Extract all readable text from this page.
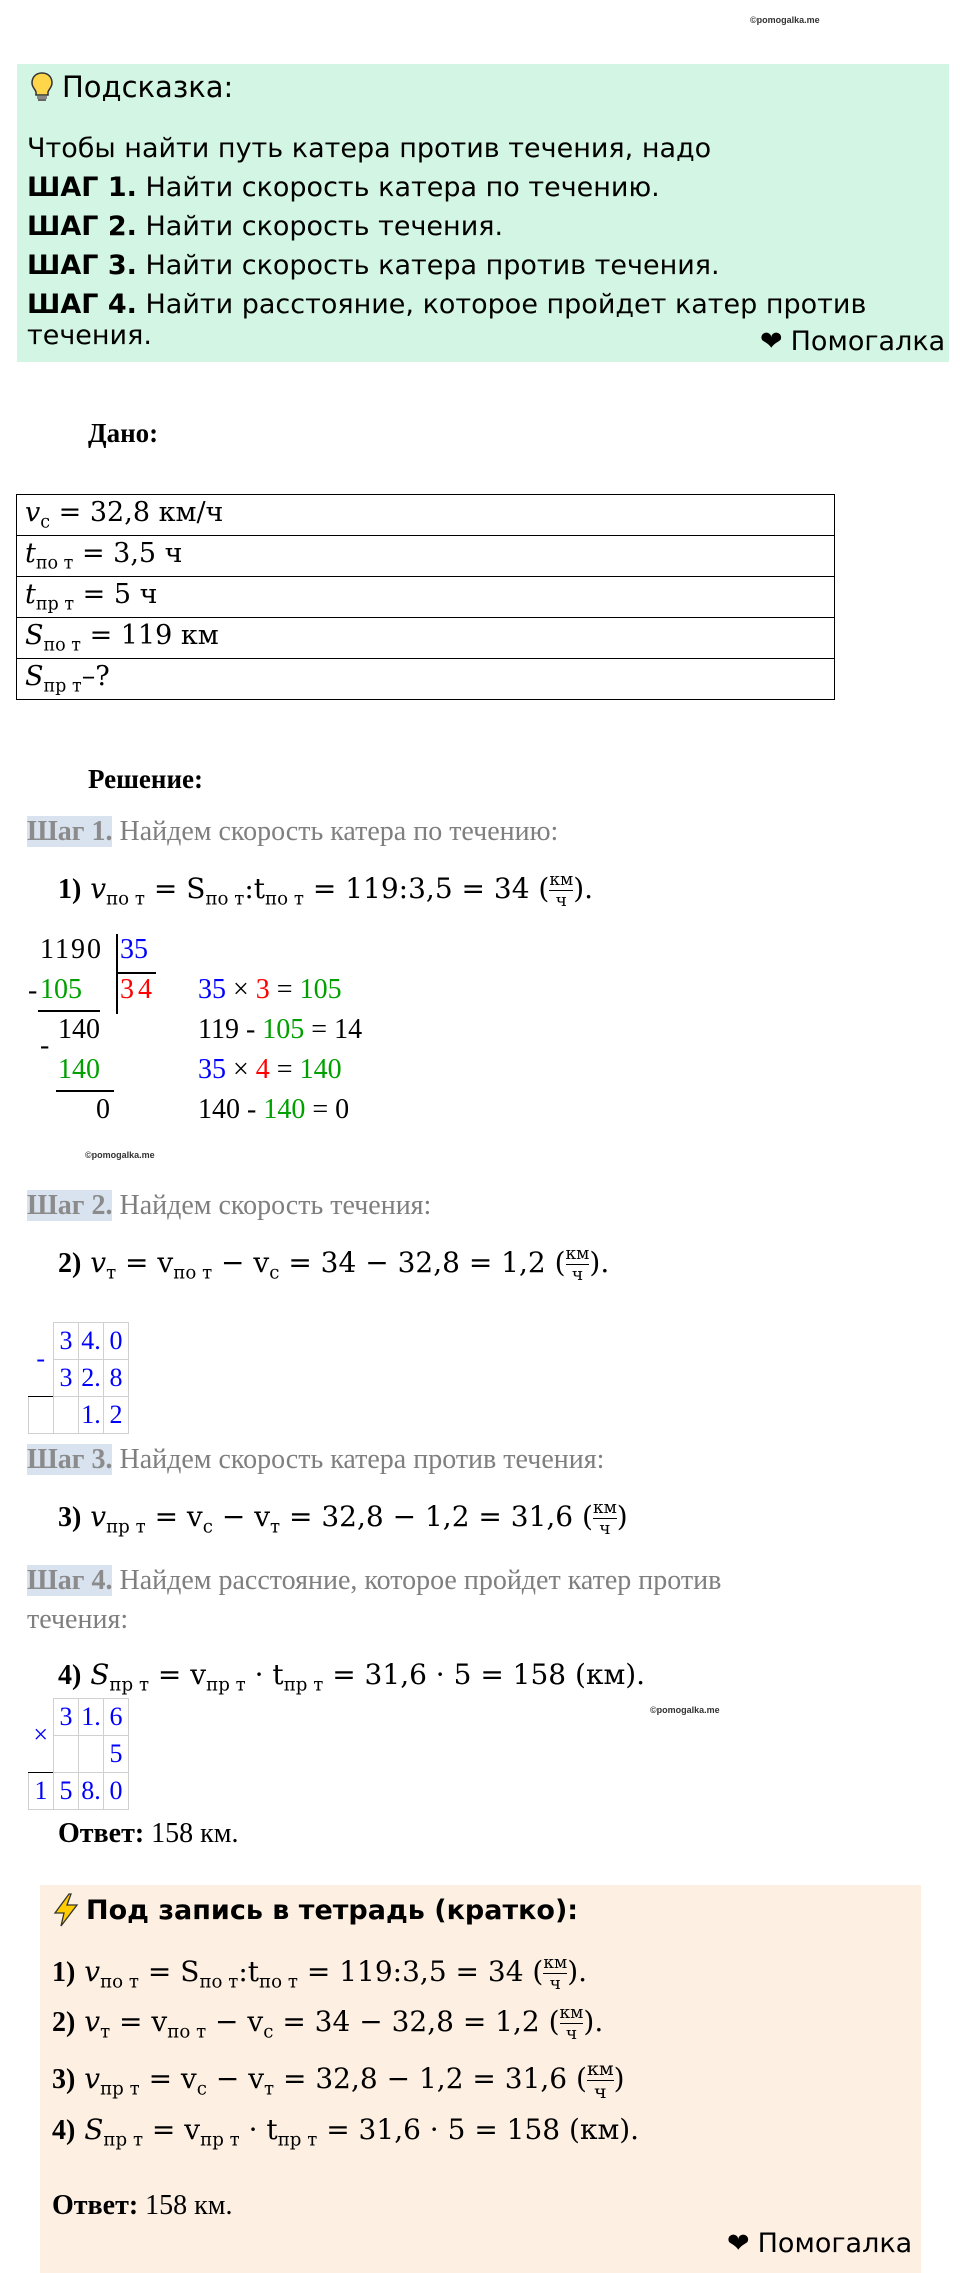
©pomogalka.me
Подсказка:
Чтобы найти путь катера против течения, надо
ШАГ 1. Найти скорость катера по течению.
ШАГ 2. Найти скорость течения.
ШАГ 3. Найти скорость катера против течения.
ШАГ 4. Найти расстояние, которое пройдет катер против течения.	❤ Помогалка
Дано:
$v_с = 32,8$ км/ч
$t_{по т} = 3,5$ ч
$t_{пр т} = 5$ ч
$S_{по т} = 119$ км
$S_{пр т}-$?
Решение:
Шаг 1. Найдем скорость катера по течению:
1) $v_{по т}$ = $S_{по т}:t_{по т}$ = 119:3,5 = 34 ( км
ч ).
-
1190 35
105 3 4
140
-
140
0
35 × 3 = 105
119 - 105 = 14
35 × 4 = 140
140 - 140 = 0
©pomogalka.me
Шаг 2. Найдем скорость течения:
2) $v_т = v_{по т} - v_с = 34 - 32,8 = 1,2$ ( км
ч ).
-	3	4.	0
	3	2.	8
		1.	2
Шаг 3. Найдем скорость катера против течения:
3) $v_{пр т} = v_с - v_т = 32,8 - 1,2 = 31,6$ ( км
ч )
Шаг 4. Найдем расстояние, которое пройдет катер против
течения:
4) $S_{пр т} = v_{пр т} \cdot t_{пр т} = 31,6 \cdot 5 = 158$ (км).
©pomogalka.me
×	3	1.	6
			5
1	5	8.	0
Ответ: 158 км.
Под запись в тетрадь (кратко):
1) $v_{по т}$ = $S_{по т}:t_{по т}$ = 119:3,5 = 34 ( км
ч ).
2) $v_т = v_{по т} - v_с = 34 - 32,8 = 1,2$ ( км
ч ).
3) $v_{пр т} = v_с - v_т = 32,8 - 1,2 = 31,6$ ( км
ч )
4) $S_{пр т} = v_{пр т} \cdot t_{пр т} = 31,6 \cdot 5 = 158$ (км).
Ответ: 158 км.
❤ Помогалка
